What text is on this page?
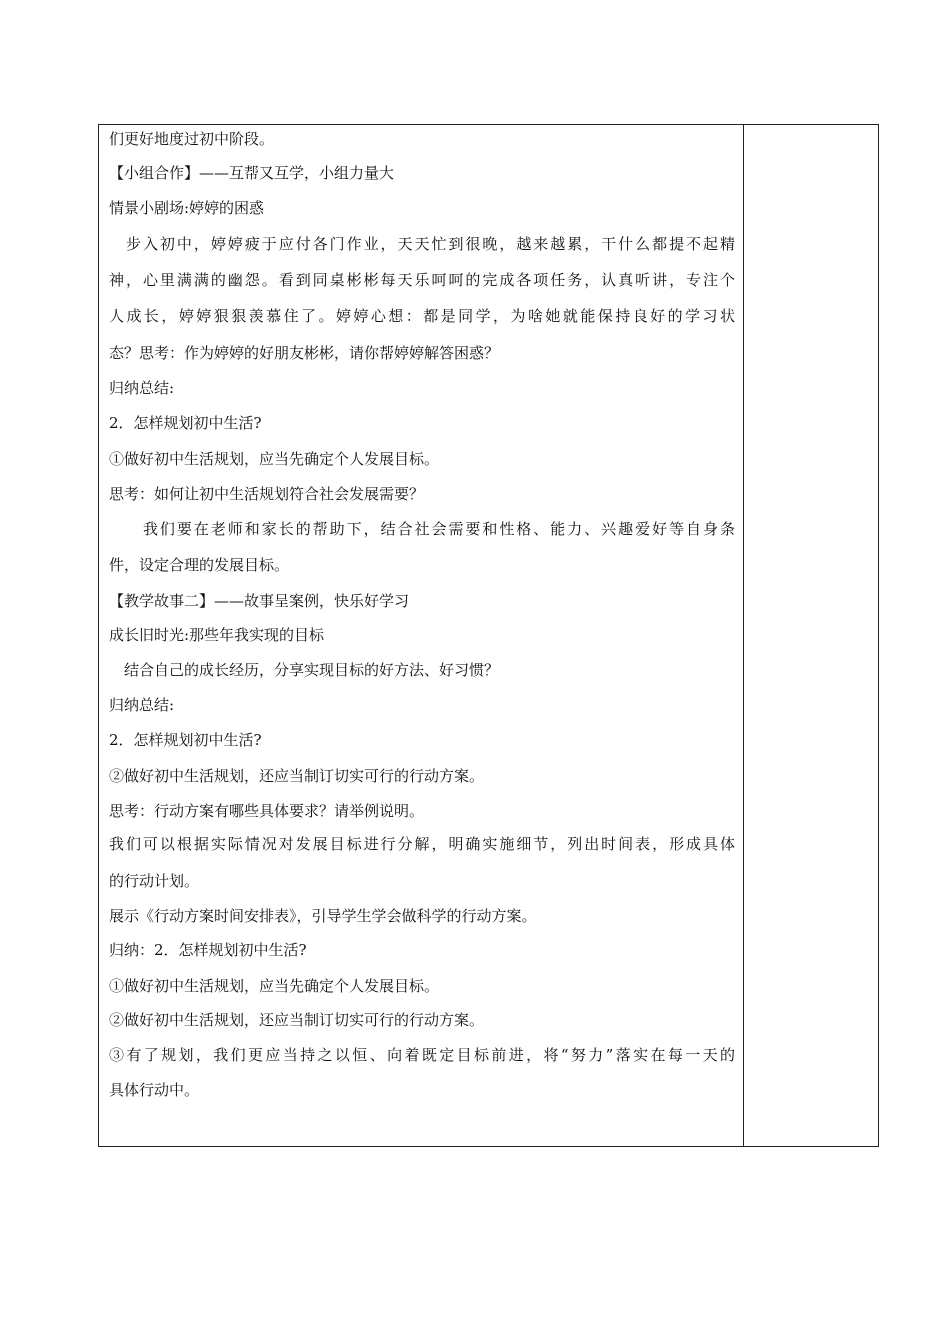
们更好地度过初中阶段。
【小组合作】——互帮又互学，小组力量大
情景小剧场:婷婷的困惑
　步入初中，婷婷疲于应付各门作业，天天忙到很晚，越来越累，干什么都提不起精
神，心里满满的幽怨。看到同桌彬彬每天乐呵呵的完成各项任务，认真听讲，专注个
人成长，婷婷狠狠羡慕住了。婷婷心想：都是同学，为啥她就能保持良好的学习状
态？思考：作为婷婷的好朋友彬彬，请你帮婷婷解答困惑？
归纳总结:
2．怎样规划初中生活?
①做好初中生活规划，应当先确定个人发展目标。
思考：如何让初中生活规划符合社会发展需要？
　　我们要在老师和家长的帮助下，结合社会需要和性格、能力、兴趣爱好等自身条
件，设定合理的发展目标。
【教学故事二】——故事呈案例，快乐好学习
成长旧时光:那些年我实现的目标
　结合自己的成长经历，分享实现目标的好方法、好习惯？
归纳总结:
2．怎样规划初中生活?
②做好初中生活规划，还应当制订切实可行的行动方案。
思考：行动方案有哪些具体要求？请举例说明。
我们可以根据实际情况对发展目标进行分解，明确实施细节，列出时间表，形成具体
的行动计划。
展示《行动方案时间安排表》，引导学生学会做科学的行动方案。
归纳：2．怎样规划初中生活?
①做好初中生活规划，应当先确定个人发展目标。
②做好初中生活规划，还应当制订切实可行的行动方案。
③有了规划，我们更应当持之以恒、向着既定目标前进，将“努力”落实在每一天的
具体行动中。
